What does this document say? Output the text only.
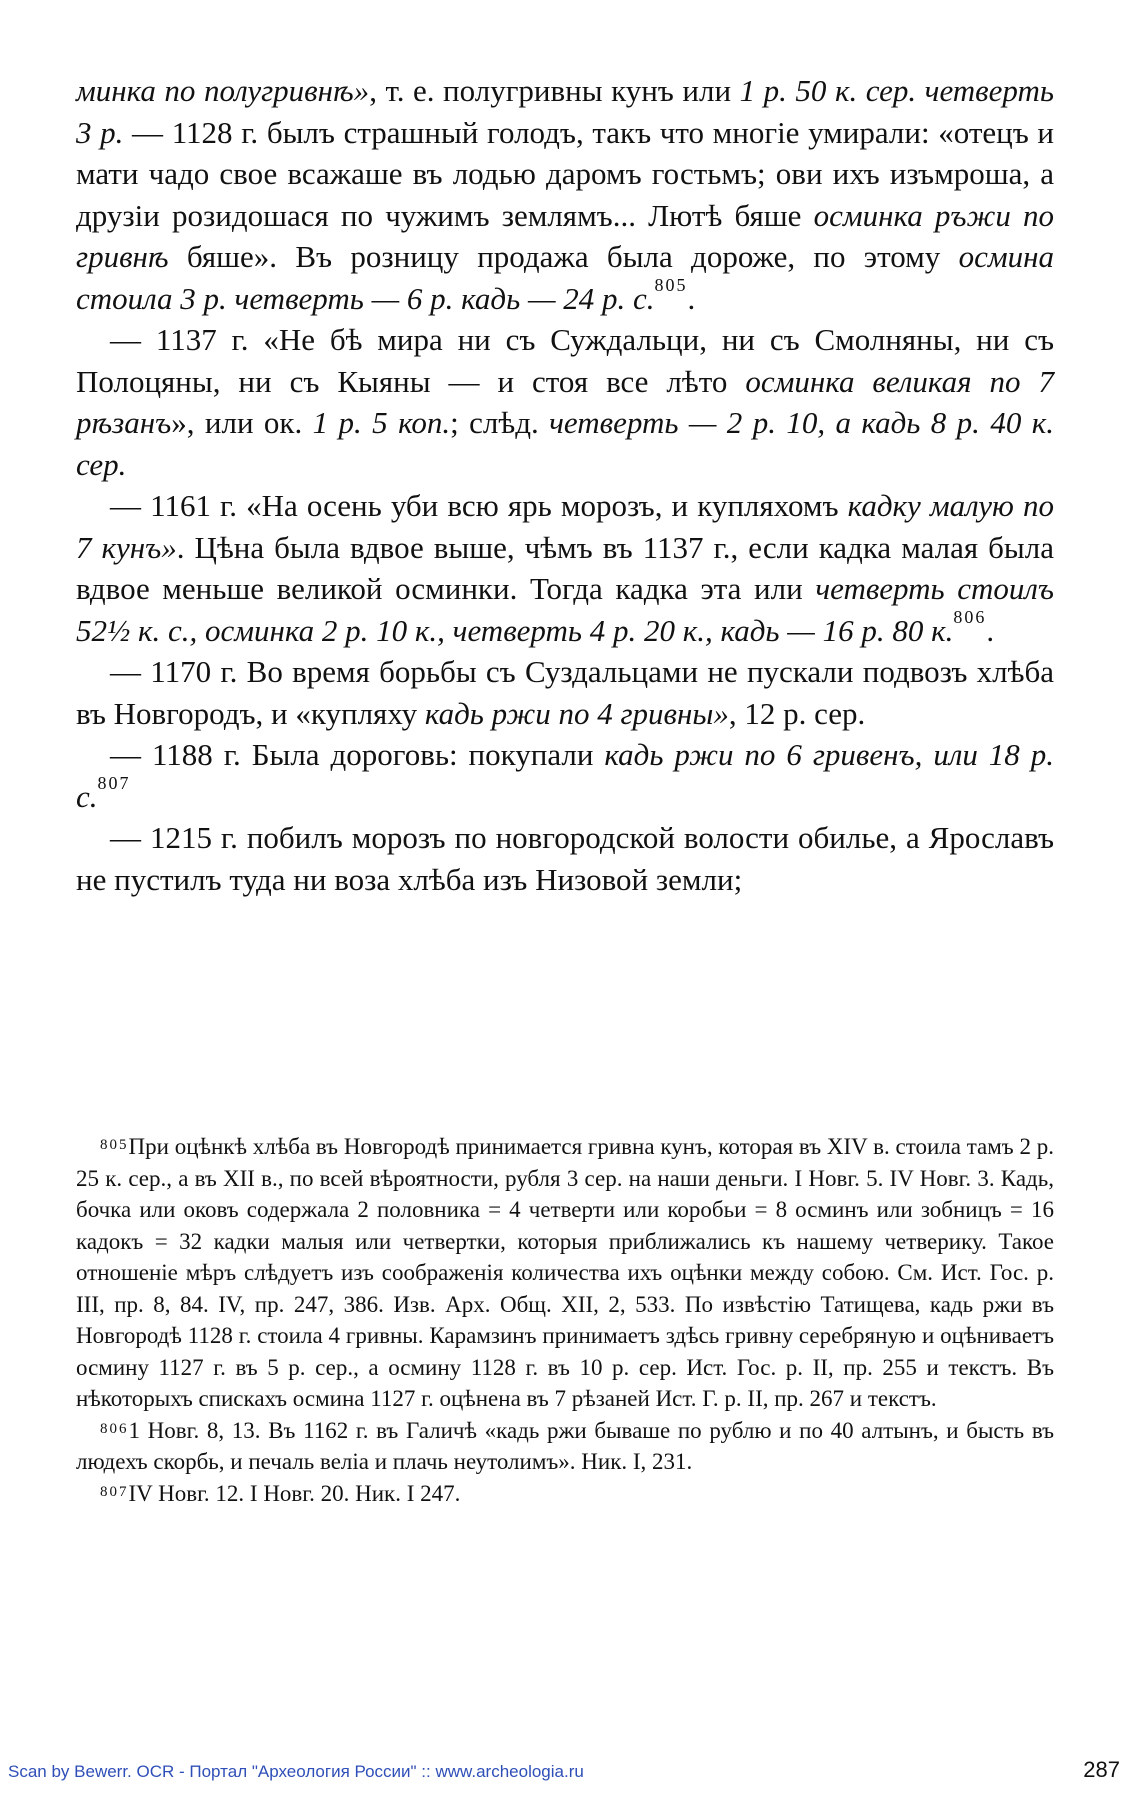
минка по полугривнѣ», т. е. полугривны кунъ или 1 р. 50 к. сер. четверть 3 р. — 1128 г. былъ страшный голодъ, такъ что многіе умирали: «отецъ и мати чадо свое всажаше въ лодью даромъ гостьмъ; ови ихъ изъмроша, а друзіи розидошася по чужимъ землямъ... Лютѣ бяше осминка ръжи по гривнѣ бяше». Въ розницу продажа была дороже, по этому осмина стоила 3 р. четверть — 6 р. кадь — 24 р. с.$^{805}$.

— 1137 г. «Не бѣ мира ни съ Суждальци, ни съ Смолняны, ни съ Полоцяны, ни съ Кыяны — и стоя все лѣто осминка великая по 7 рѣзанъ», или ок. 1 р. 5 коп.; слѣд. четверть — 2 р. 10, а кадь 8 р. 40 к. сер.

— 1161 г. «На осень уби всю ярь морозъ, и купляхомъ кадку малую по 7 кунъ». Цѣна была вдвое выше, чѣмъ въ 1137 г., если кадка малая была вдвое меньше великой осминки. Тогда кадка эта или четверть стоилъ 52½ к. с., осминка 2 р. 10 к., четверть 4 р. 20 к., кадь — 16 р. 80 к.$^{806}$.

— 1170 г. Во время борьбы съ Суздальцами не пускали подвозъ хлѣба въ Новгородъ, и «купляху кадь ржи по 4 гривны», 12 р. сер.

— 1188 г. Была дороговь: покупали кадь ржи по 6 гривенъ, или 18 р. с.$^{807}$

— 1215 г. побилъ морозъ по новгородской волости обилье, а Ярославъ не пустилъ туда ни воза хлѣба изъ Низовой земли;

$^{805}$При оцѣнкѣ хлѣба въ Новгородѣ принимается гривна кунъ, которая въ XIV в. стоила тамъ 2 р. 25 к. сер., а въ XII в., по всей вѣроятности, рубля 3 сер. на наши деньги. I Новг. 5. IV Новг. 3. Кадь, бочка или оковъ содержала 2 половника = 4 четверти или коробьи = 8 осминъ или зобницъ = 16 кадокъ = 32 кадки малыя или четвертки, которыя приближались къ нашему четверику. Такое отношеніе мѣръ слѣдуетъ изъ соображенія количества ихъ оцѣнки между собою. См. Ист. Гос. р. III, пр. 8, 84. IV, пр. 247, 386. Изв. Арх. Общ. XII, 2, 533. По извѣстію Татищева, кадь ржи въ Новгородѣ 1128 г. стоила 4 гривны. Карамзинъ принимаетъ здѣсь гривну серебряную и оцѣниваетъ осмину 1127 г. въ 5 р. сер., а осмину 1128 г. въ 10 р. сер. Ист. Гос. р. II, пр. 255 и текстъ. Въ нѣкоторыхъ спискахъ осмина 1127 г. оцѣнена въ 7 рѣзаней Ист. Г. р. II, пр. 267 и текстъ.

$^{806}$1 Новг. 8, 13. Въ 1162 г. въ Галичѣ «кадь ржи бываше по рублю и по 40 алтынъ, и бысть въ людехъ скорбь, и печаль веліа и плачь неутолимъ». Ник. I, 231.

$^{807}$IV Новг. 12. I Новг. 20. Ник. I 247.

Scan by Bewerr. OCR - Портал "Археология России" :: www.archeologia.ru	287
